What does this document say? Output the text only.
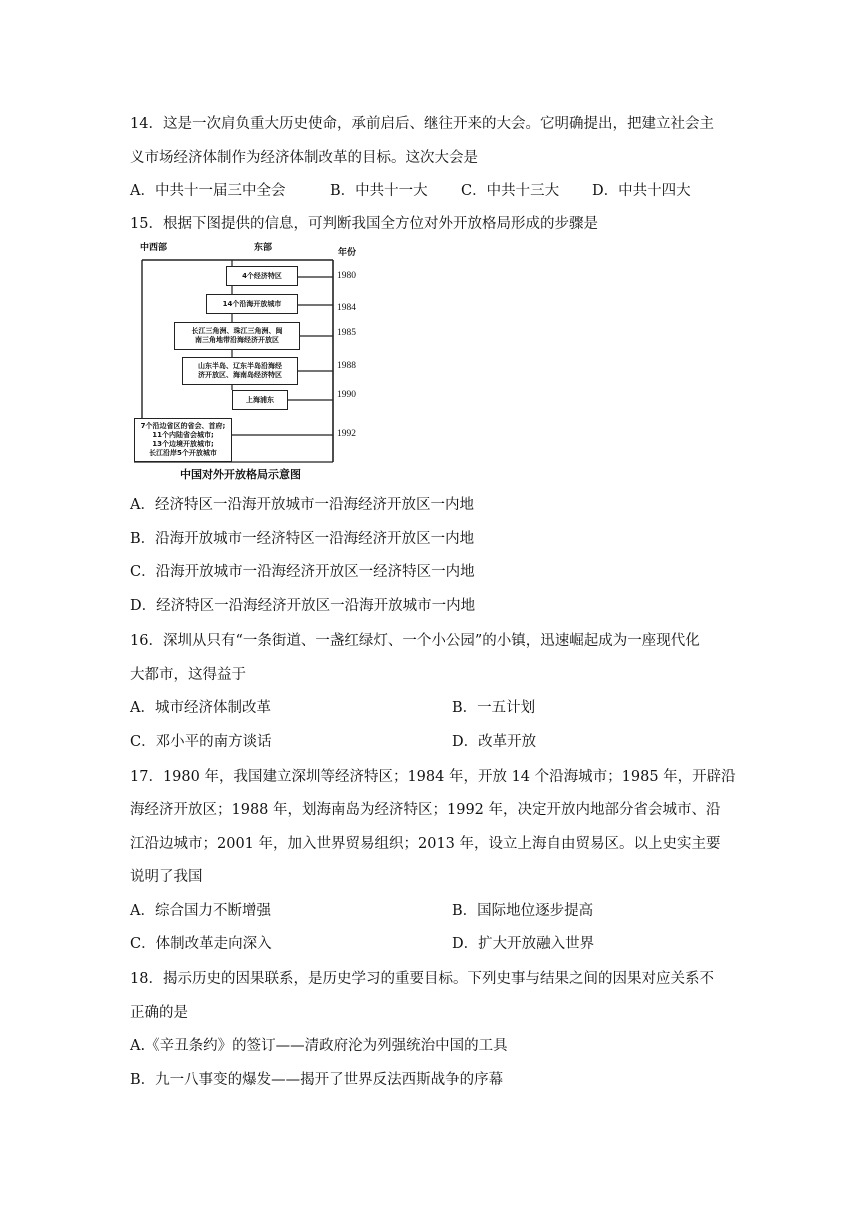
14．这是一次肩负重大历史使命，承前启后、继往开来的大会。它明确提出，把建立社会主
义市场经济体制作为经济体制改革的目标。这次大会是
A．中共十一届三中全会	B．中共十一大 C．中共十三大 D．中共十四大
15．根据下图提供的信息，可判断我国全方位对外开放格局形成的步骤是
中西部	东部	年份
4个经济特区	1980
14个沿海开放城市	1984
长江三角洲、珠江三角洲、闽
南三角地带沿海经济开放区
1985
山东半岛、辽东半岛沿海经
济开放区、海南岛经济特区
1988
上海浦东	1990
7个沿边省区的省会、首府;
11个内陆省会城市;
13个边境开放城市;
长江沿岸5个开放城市
1992
中国对外开放格局示意图
A．经济特区一沿海开放城市一沿海经济开放区一内地
B．沿海开放城市一经济特区一沿海经济开放区一内地
C．沿海开放城市一沿海经济开放区一经济特区一内地
D．经济特区一沿海经济开放区一沿海开放城市一内地
16．深圳从只有“一条街道、一盏红绿灯、一个小公园”的小镇，迅速崛起成为一座现代化
大都市，这得益于
A．城市经济体制改革	B．一五计划
C．邓小平的南方谈话	D．改革开放
17．1980 年，我国建立深圳等经济特区；1984 年，开放 14 个沿海城市；1985 年，开辟沿
海经济开放区；1988 年，划海南岛为经济特区；1992 年，决定开放内地部分省会城市、沿
江沿边城市；2001 年，加入世界贸易组织；2013 年，设立上海自由贸易区。以上史实主要
说明了我国
A．综合国力不断增强	B．国际地位逐步提高
C．体制改革走向深入	D．扩大开放融入世界
18．揭示历史的因果联系，是历史学习的重要目标。下列史事与结果之间的因果对应关系不
正确的是
A.《辛丑条约》的签订——清政府沦为列强统治中国的工具
B．九一八事变的爆发——揭开了世界反法西斯战争的序幕
